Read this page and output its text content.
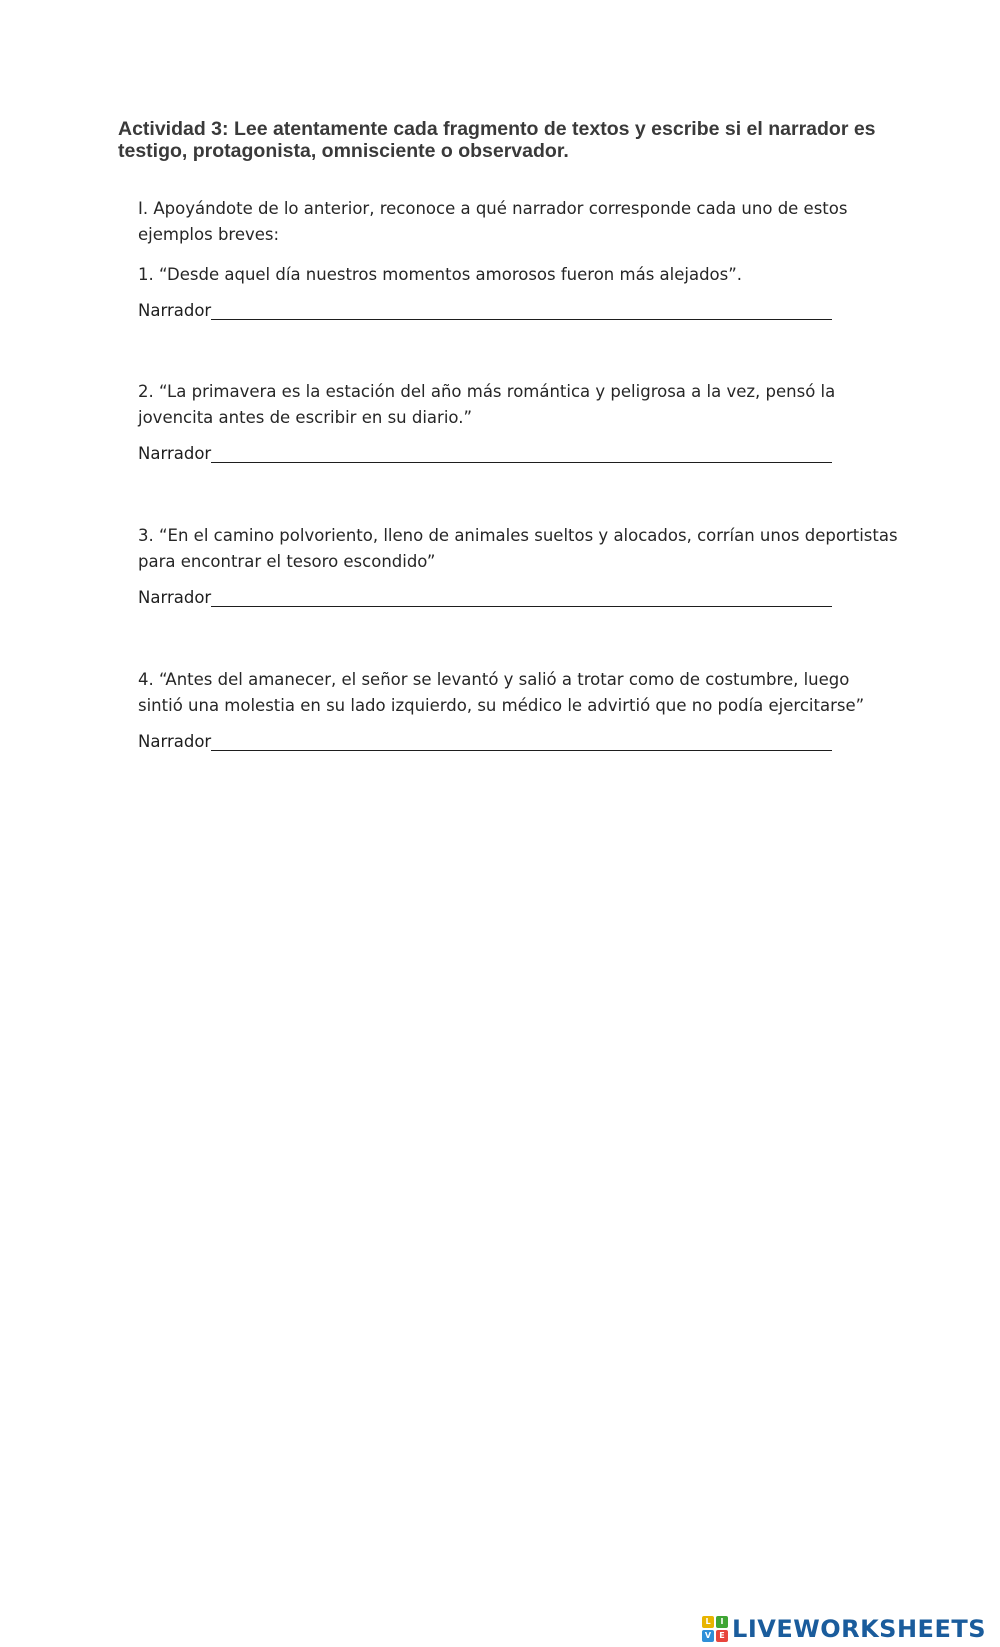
Actividad 3: Lee atentamente cada fragmento de textos y escribe si el narrador es testigo, protagonista, omnisciente o observador.

I. Apoyándote de lo anterior, reconoce a qué narrador corresponde cada uno de estos ejemplos breves:

1. “Desde aquel día nuestros momentos amorosos fueron más alejados”.

Narrador

2. “La primavera es la estación del año más romántica y peligrosa a la vez, pensó la jovencita antes de escribir en su diario.”

Narrador

3. “En el camino polvoriento, lleno de animales sueltos y alocados, corrían unos deportistas para encontrar el tesoro escondido”

Narrador

4. “Antes del amanecer, el señor se levantó y salió a trotar como de costumbre, luego sintió una molestia en su lado izquierdo, su médico le advirtió que no podía ejercitarse”

Narrador
L	I
V	E LIVEWORKSHEETS
